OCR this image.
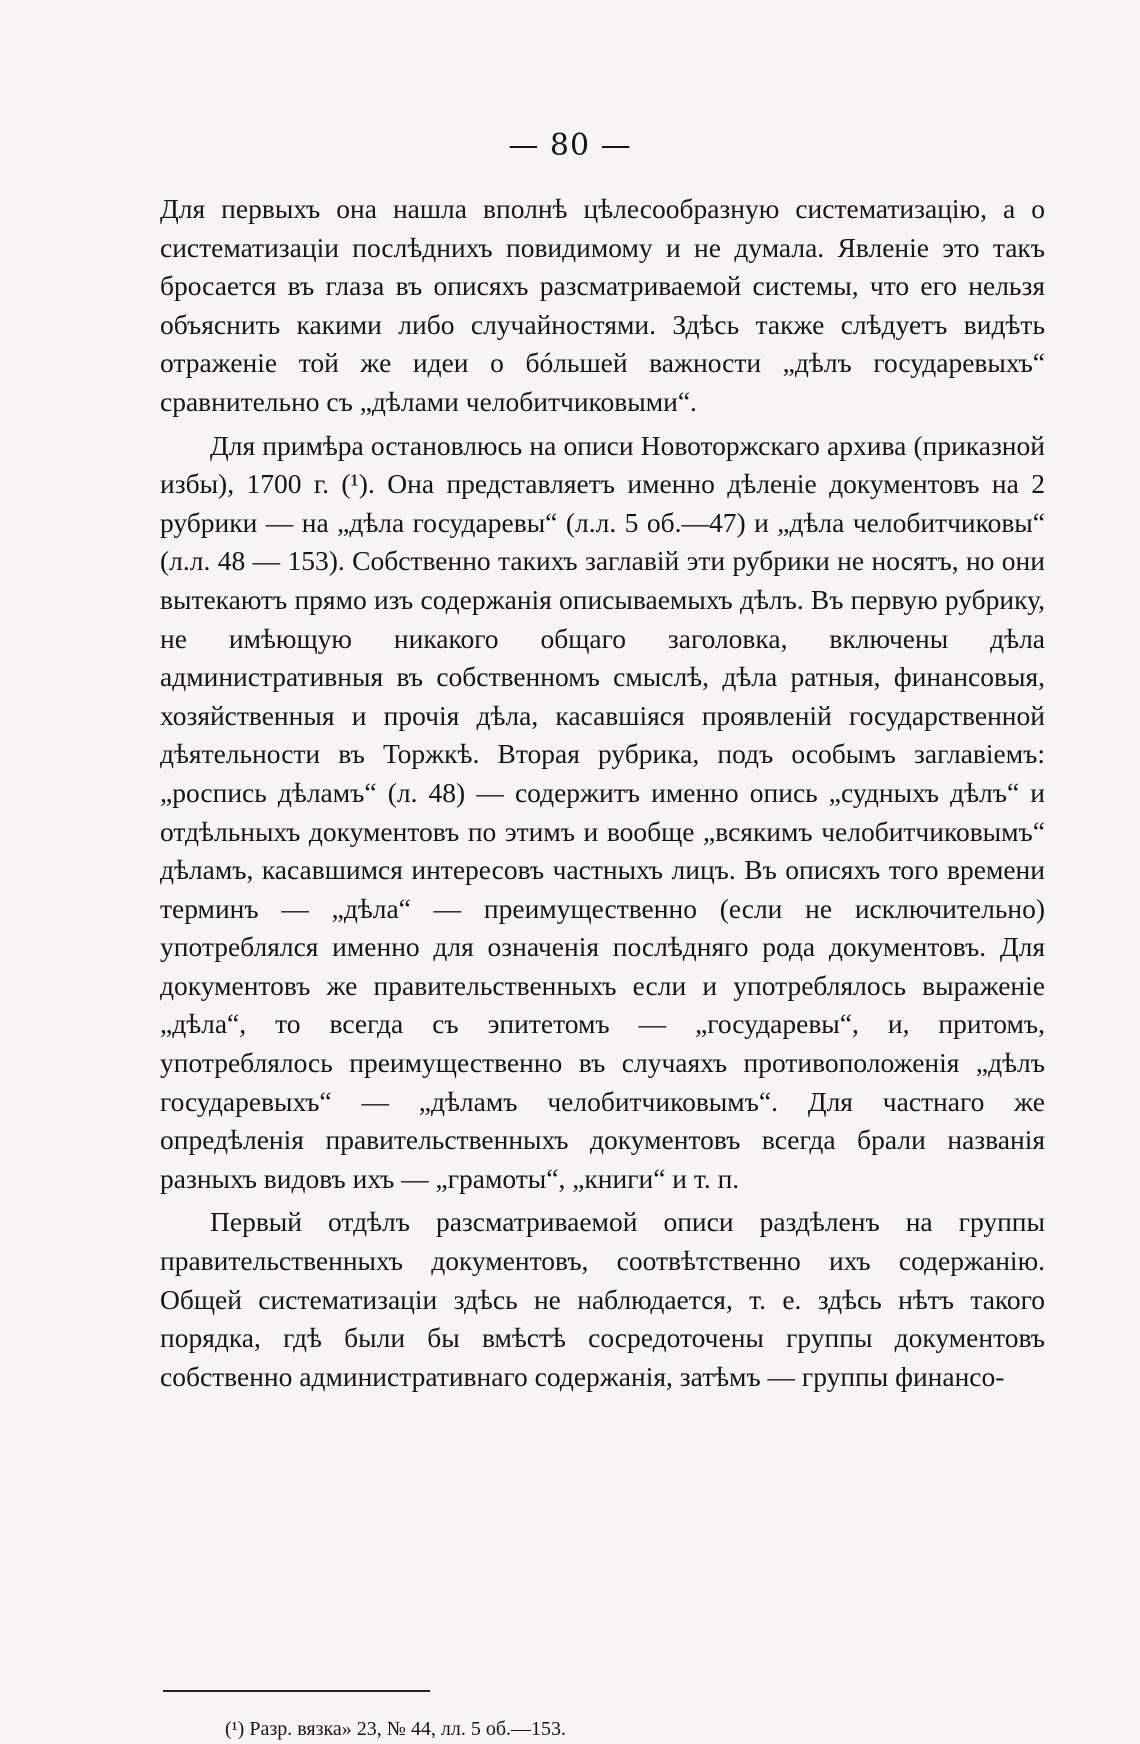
— 80 —

Для первыхъ она нашла вполнѣ цѣлесообразную систематизацію, а о систематизаціи послѣднихъ повидимому и не думала. Явленіе это такъ бросается въ глаза въ описяхъ разсматриваемой системы, что его нельзя объяснить какими либо случайностями. Здѣсь также слѣдуетъ видѣть отраженіе той же идеи о бóльшей важности „дѣлъ государевыхъ“ сравнительно съ „дѣлами челобитчиковыми“.

Для примѣра остановлюсь на описи Новоторжскаго архива (приказной избы), 1700 г. (¹). Она представляетъ именно дѣленіе документовъ на 2 рубрики — на „дѣла государевы“ (л.л. 5 об.—47) и „дѣла челобитчиковы“ (л.л. 48 — 153). Собственно такихъ заглавій эти рубрики не носятъ, но они вытекаютъ прямо изъ содержанія описываемыхъ дѣлъ. Въ первую рубрику, не имѣющую никакого общаго заголовка, включены дѣла административныя въ собственномъ смыслѣ, дѣла ратныя, финансовыя, хозяйственныя и прочія дѣла, касавшіяся проявленій государственной дѣятельности въ Торжкѣ. Вторая рубрика, подъ особымъ заглавіемъ: „роспись дѣламъ“ (л. 48) — содержитъ именно опись „судныхъ дѣлъ“ и отдѣльныхъ документовъ по этимъ и вообще „всякимъ челобитчиковымъ“ дѣламъ, касавшимся интересовъ частныхъ лицъ. Въ описяхъ того времени терминъ — „дѣла“ — преимущественно (если не исключительно) употреблялся именно для означенія послѣдняго рода документовъ. Для документовъ же правительственныхъ если и употреблялось выраженіе „дѣла“, то всегда съ эпитетомъ — „государевы“, и, притомъ, употреблялось преимущественно въ случаяхъ противоположенія „дѣлъ государевыхъ“ — „дѣламъ челобитчиковымъ“. Для частнаго же опредѣленія правительственныхъ документовъ всегда брали названія разныхъ видовъ ихъ — „грамоты“, „книги“ и т. п.

Первый отдѣлъ разсматриваемой описи раздѣленъ на группы правительственныхъ документовъ, соотвѣтственно ихъ содержанію. Общей систематизаціи здѣсь не наблюдается, т. е. здѣсь нѣтъ такого порядка, гдѣ были бы вмѣстѣ сосредоточены группы документовъ собственно административнаго содержанія, затѣмъ — группы финансо-

(¹) Разр. вязка» 23, № 44, лл. 5 об.—153.
